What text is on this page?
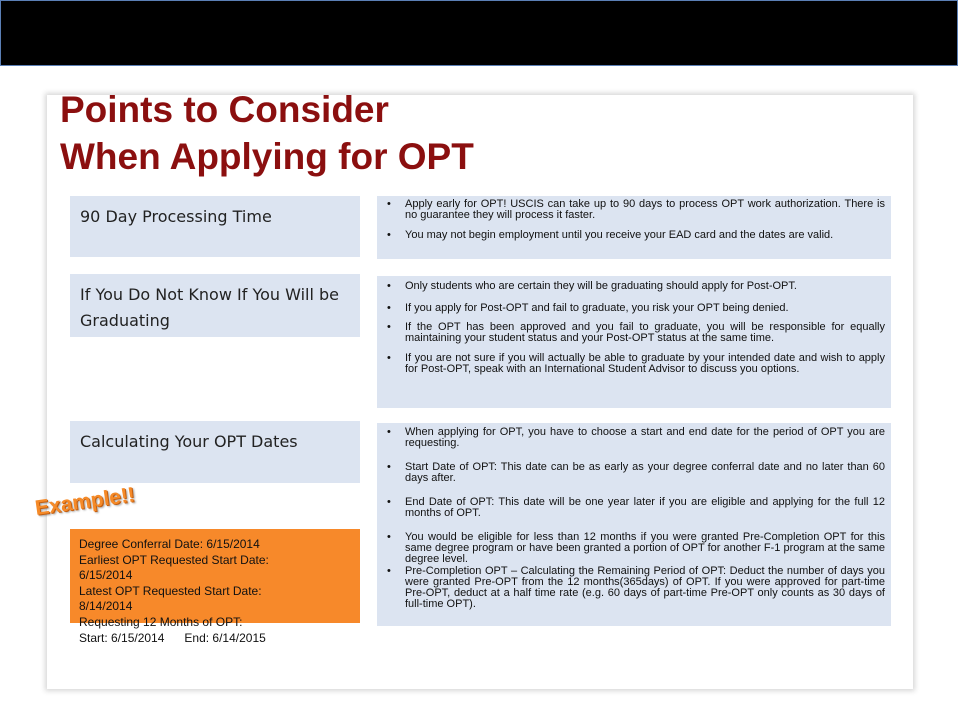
Points to Consider
When Applying for OPT
90 Day Processing Time
• Apply early for OPT! USCIS can take up to 90 days to process OPT work authorization. There is no guarantee they will process it faster.
• You may not begin employment until you receive your EAD card and the dates are valid.
If You Do Not Know If You Will be Graduating
• Only students who are certain they will be graduating should apply for Post-OPT.
• If you apply for Post-OPT and fail to graduate, you risk your OPT being denied.
• If the OPT has been approved and you fail to graduate, you will be responsible for equally maintaining your student status and your Post-OPT status at the same time.
• If you are not sure if you will actually be able to graduate by your intended date and wish to apply for Post-OPT, speak with an International Student Advisor to discuss you options.
Calculating Your OPT Dates
•	When applying for OPT, you have to choose a start and end date for the period of OPT you are requesting.
• Start Date of OPT: This date can be as early as your degree conferral date and no later than 60 days after.
• End Date of OPT: This date will be one year later if you are eligible and applying for the full 12 months of OPT.
• You would be eligible for less than 12 months if you were granted Pre-Completion OPT for this same degree program or have been granted a portion of OPT for another F-1 program at the same degree level.
• Pre-Completion OPT – Calculating the Remaining Period of OPT: Deduct the number of days you were granted Pre-OPT from the 12 months(365days) of OPT. If you were approved for part-time Pre-OPT, deduct at a half time rate (e.g. 60 days of part-time Pre-OPT only counts as 30 days of full-time OPT).
Degree Conferral Date: 6/15/2014
Earliest OPT Requested Start Date:
6/15/2014
Latest OPT Requested Start Date:
8/14/2014
Requesting 12 Months of OPT:
Start: 6/15/2014      End: 6/14/2015
Example!!
